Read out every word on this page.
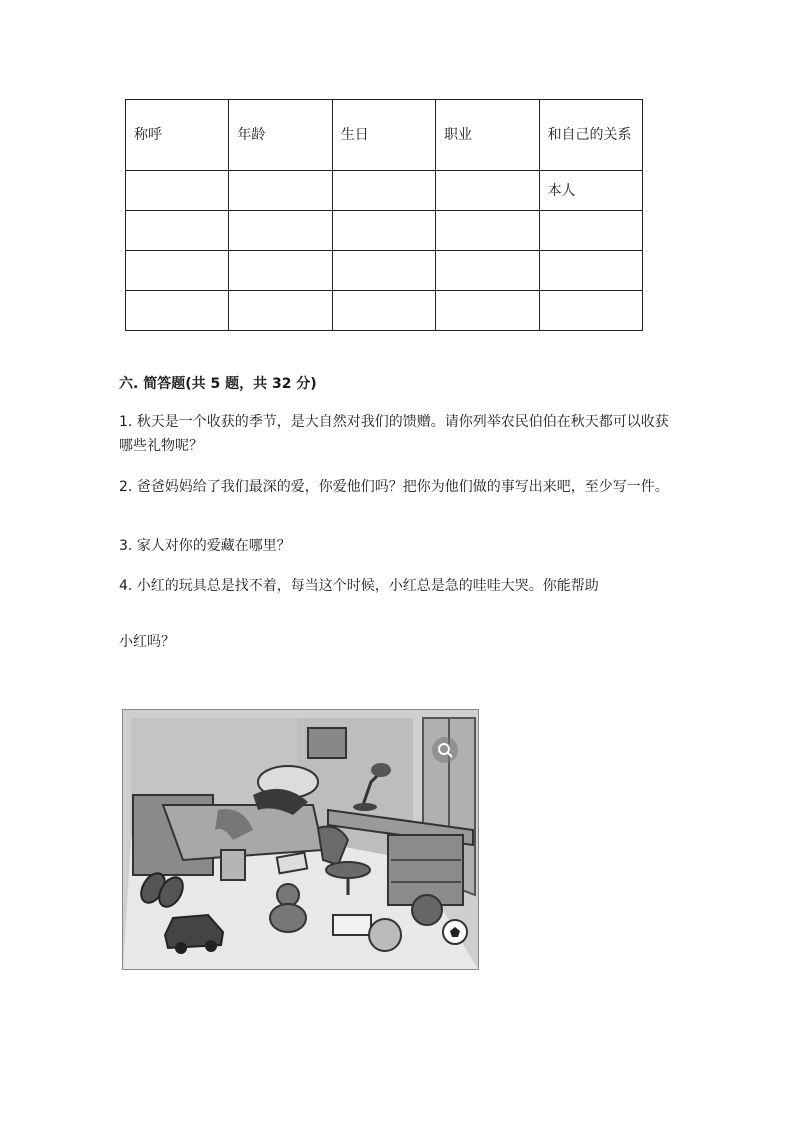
称呼	年龄	生日	职业	和自己的关系
				本人

六. 简答题(共 5 题，共 32 分)
1. 秋天是一个收获的季节，是大自然对我们的馈赠。请你列举农民伯伯在秋天都可以收获哪些礼物呢？
2. 爸爸妈妈给了我们最深的爱，你爱他们吗？把你为他们做的事写出来吧，至少写一件。
3. 家人对你的爱藏在哪里？
4. 小红的玩具总是找不着，每当这个时候，小红总是急的哇哇大哭。你能帮助
小红吗？
